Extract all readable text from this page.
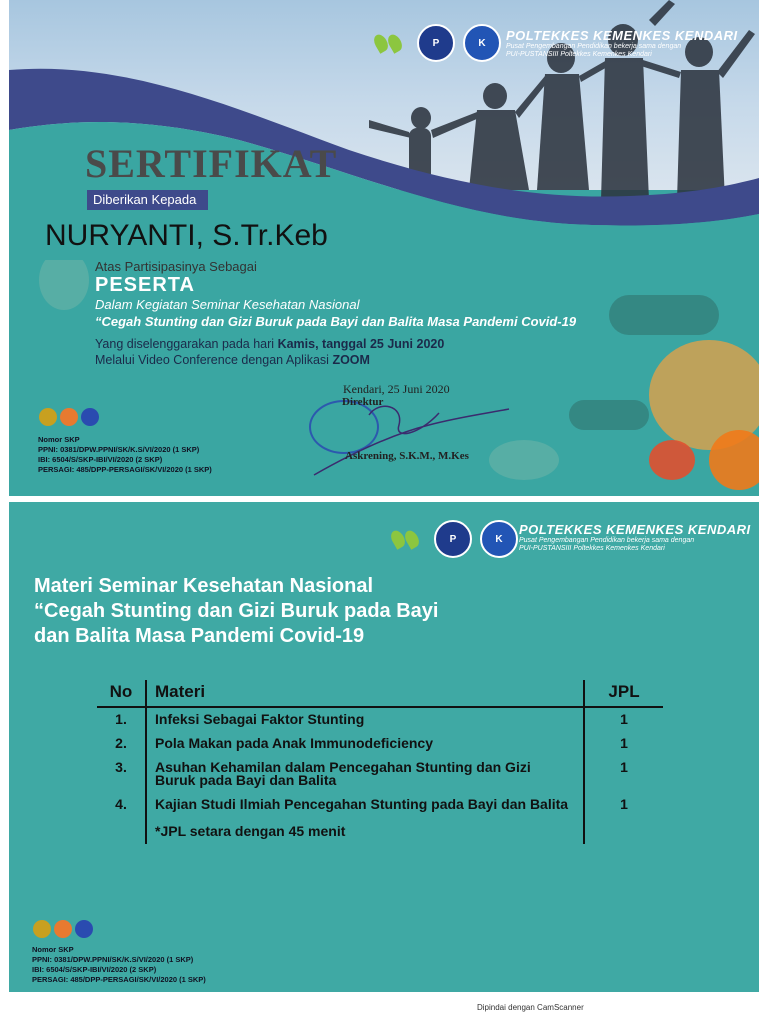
P	K	POLTEKKES KEMENKES KENDARI
Pusat Pengembangan Pendidikan bekerja sama dengan
PUI-PUSTANSIII Poltekkes Kemenkes Kendari
SERTIFIKAT
Diberikan Kepada
NURYANTI, S.Tr.Keb
Atas Partisipasinya Sebagai
PESERTA
Dalam Kegiatan Seminar Kesehatan Nasional
“Cegah Stunting dan Gizi Buruk pada Bayi dan Balita Masa Pandemi Covid-19
Yang diselenggarakan pada hari Kamis, tanggal 25 Juni 2020
Melalui Video Conference dengan Aplikasi ZOOM
Kendari, 25 Juni 2020
Direktur
Askrening, S.K.M., M.Kes
Nomor SKP
PPNI: 0381/DPW.PPNI/SK/K.S/VI/2020 (1 SKP)
IBI: 6504/S/SKP-IBI/VI/2020 (2 SKP)
PERSAGI: 485/DPP-PERSAGI/SK/VI/2020 (1 SKP)
P	K
POLTEKKES KEMENKES KENDARI
Pusat Pengembangan Pendidikan bekerja sama dengan
PUI-PUSTANSIII Poltekkes Kemenkes Kendari
Materi Seminar Kesehatan Nasional
“Cegah Stunting dan Gizi Buruk pada Bayi
dan Balita Masa Pandemi Covid-19
No	Materi	JPL
1.	Infeksi Sebagai Faktor Stunting	1
2.	Pola Makan pada Anak Immunodeficiency	1
3.	Asuhan Kehamilan dalam Pencegahan Stunting dan Gizi Buruk pada Bayi dan Balita	1
4.	Kajian Studi Ilmiah Pencegahan Stunting pada Bayi dan Balita	1
	*JPL setara dengan 45 menit	
Nomor SKP
PPNI: 0381/DPW.PPNI/SK/K.S/VI/2020 (1 SKP)
IBI: 6504/S/SKP-IBI/VI/2020 (2 SKP)
PERSAGI: 485/DPP-PERSAGI/SK/VI/2020 (1 SKP)
Dipindai dengan CamScanner
